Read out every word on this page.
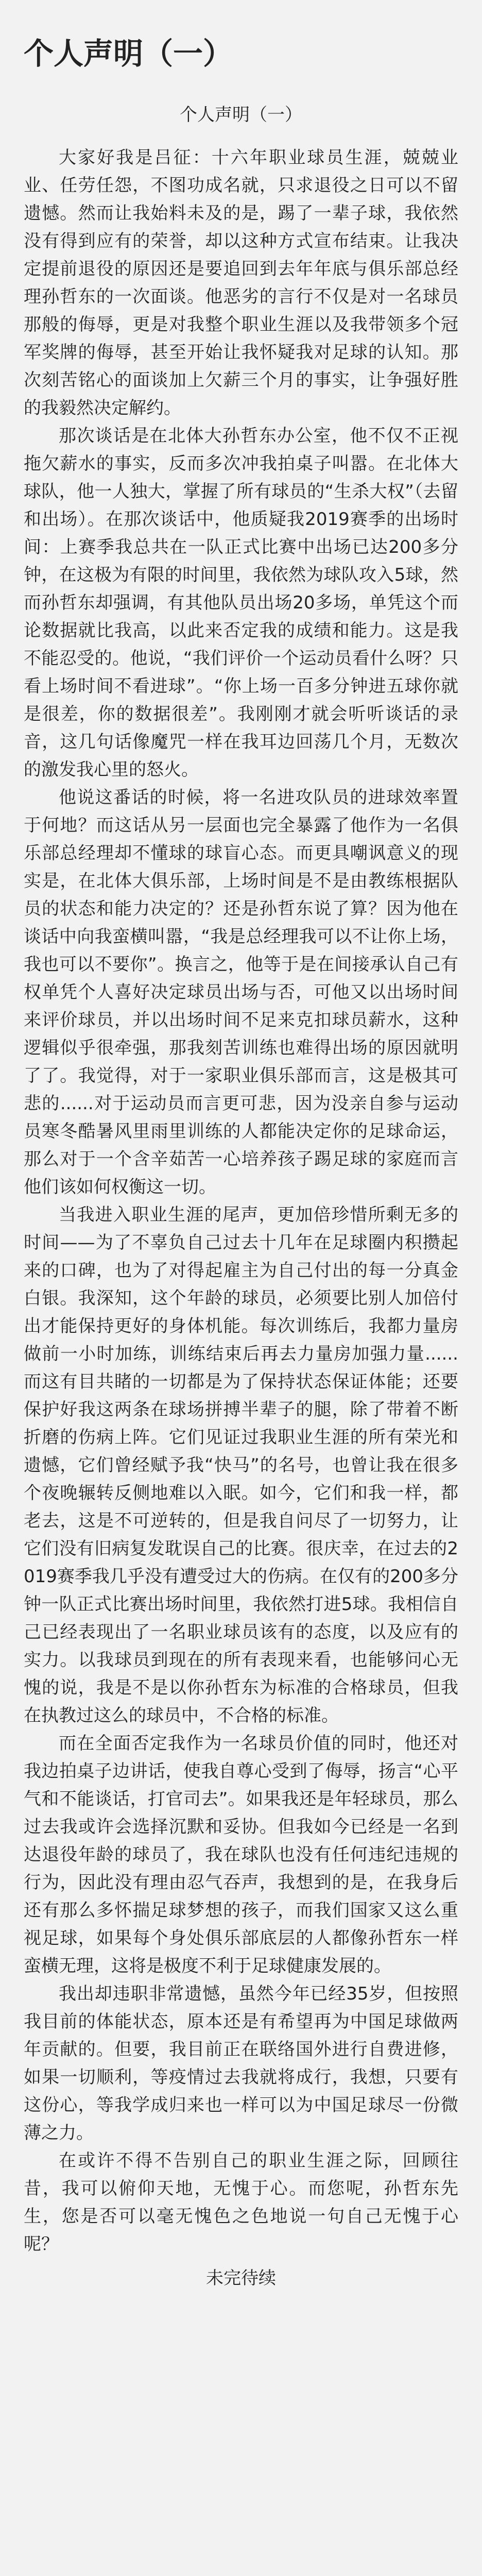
个人声明（一）
个人声明（一）

大家好我是吕征：十六年职业球员生涯，兢兢业业、任劳任怨，不图功成名就，只求退役之日可以不留遗憾。然而让我始料未及的是，踢了一辈子球，我依然没有得到应有的荣誉，却以这种方式宣布结束。让我决定提前退役的原因还是要追回到去年年底与俱乐部总经理孙哲东的一次面谈。他恶劣的言行不仅是对一名球员那般的侮辱，更是对我整个职业生涯以及我带领多个冠军奖牌的侮辱，甚至开始让我怀疑我对足球的认知。那次刻苦铭心的面谈加上欠薪三个月的事实，让争强好胜的我毅然决定解约。

那次谈话是在北体大孙哲东办公室，他不仅不正视拖欠薪水的事实，反而多次冲我拍桌子叫嚣。在北体大球队，他一人独大，掌握了所有球员的“生杀大权”（去留和出场）。在那次谈话中，他质疑我2019赛季的出场时间：上赛季我总共在一队正式比赛中出场已达200多分钟，在这极为有限的时间里，我依然为球队攻入5球，然而孙哲东却强调，有其他队员出场20多场，单凭这个而论数据就比我高，以此来否定我的成绩和能力。这是我不能忍受的。他说，“我们评价一个运动员看什么呀？只看上场时间不看进球”。“你上场一百多分钟进五球你就是很差，你的数据很差”。我刚刚才就会听听谈话的录音，这几句话像魔咒一样在我耳边回荡几个月，无数次的激发我心里的怒火。

他说这番话的时候，将一名进攻队员的进球效率置于何地？而这话从另一层面也完全暴露了他作为一名俱乐部总经理却不懂球的球盲心态。而更具嘲讽意义的现实是，在北体大俱乐部，上场时间是不是由教练根据队员的状态和能力决定的？还是孙哲东说了算？因为他在谈话中向我蛮横叫嚣，“我是总经理我可以不让你上场，我也可以不要你”。换言之，他等于是在间接承认自己有权单凭个人喜好决定球员出场与否，可他又以出场时间来评价球员，并以出场时间不足来克扣球员薪水，这种逻辑似乎很牵强，那我刻苦训练也难得出场的原因就明了了。我觉得，对于一家职业俱乐部而言，这是极其可悲的......对于运动员而言更可悲，因为没亲自参与运动员寒冬酷暑风里雨里训练的人都能决定你的足球命运，那么对于一个含辛茹苦一心培养孩子踢足球的家庭而言他们该如何权衡这一切。

当我进入职业生涯的尾声，更加倍珍惜所剩无多的时间——为了不辜负自己过去十几年在足球圈内积攒起来的口碑，也为了对得起雇主为自己付出的每一分真金白银。我深知，这个年龄的球员，必须要比别人加倍付出才能保持更好的身体机能。每次训练后，我都力量房做前一小时加练，训练结束后再去力量房加强力量......而这有目共睹的一切都是为了保持状态保证体能；还要保护好我这两条在球场拼搏半辈子的腿，除了带着不断折磨的伤病上阵。它们见证过我职业生涯的所有荣光和遗憾，它们曾经赋予我“快马”的名号，也曾让我在很多个夜晚辗转反侧地难以入眠。如今，它们和我一样，都老去，这是不可逆转的，但是我自问尽了一切努力，让它们没有旧病复发耽误自己的比赛。很庆幸，在过去的2019赛季我几乎没有遭受过大的伤病。在仅有的200多分钟一队正式比赛出场时间里，我依然打进5球。我相信自己已经表现出了一名职业球员该有的态度，以及应有的实力。以我球员到现在的所有表现来看，也能够问心无愧的说，我是不是以你孙哲东为标准的合格球员，但我在执教过这么的球员中，不合格的标准。

而在全面否定我作为一名球员价值的同时，他还对我边拍桌子边讲话，使我自尊心受到了侮辱，扬言“心平气和不能谈话，打官司去”。如果我还是年轻球员，那么过去我或许会选择沉默和妥协。但我如今已经是一名到达退役年龄的球员了，我在球队也没有任何违纪违规的行为，因此没有理由忍气吞声，我想到的是，在我身后还有那么多怀揣足球梦想的孩子，而我们国家又这么重视足球，如果每个身处俱乐部底层的人都像孙哲东一样蛮横无理，这将是极度不利于足球健康发展的。

我出却违职非常遗憾，虽然今年已经35岁，但按照我目前的体能状态，原本还是有希望再为中国足球做两年贡献的。但要，我目前正在联络国外进行自费进修，如果一切顺利，等疫情过去我就将成行，我想，只要有这份心，等我学成归来也一样可以为中国足球尽一份微薄之力。

在或许不得不告别自己的职业生涯之际，回顾往昔，我可以俯仰天地，无愧于心。而您呢，孙哲东先生，您是否可以毫无愧色之色地说一句自己无愧于心呢？

未完待续
